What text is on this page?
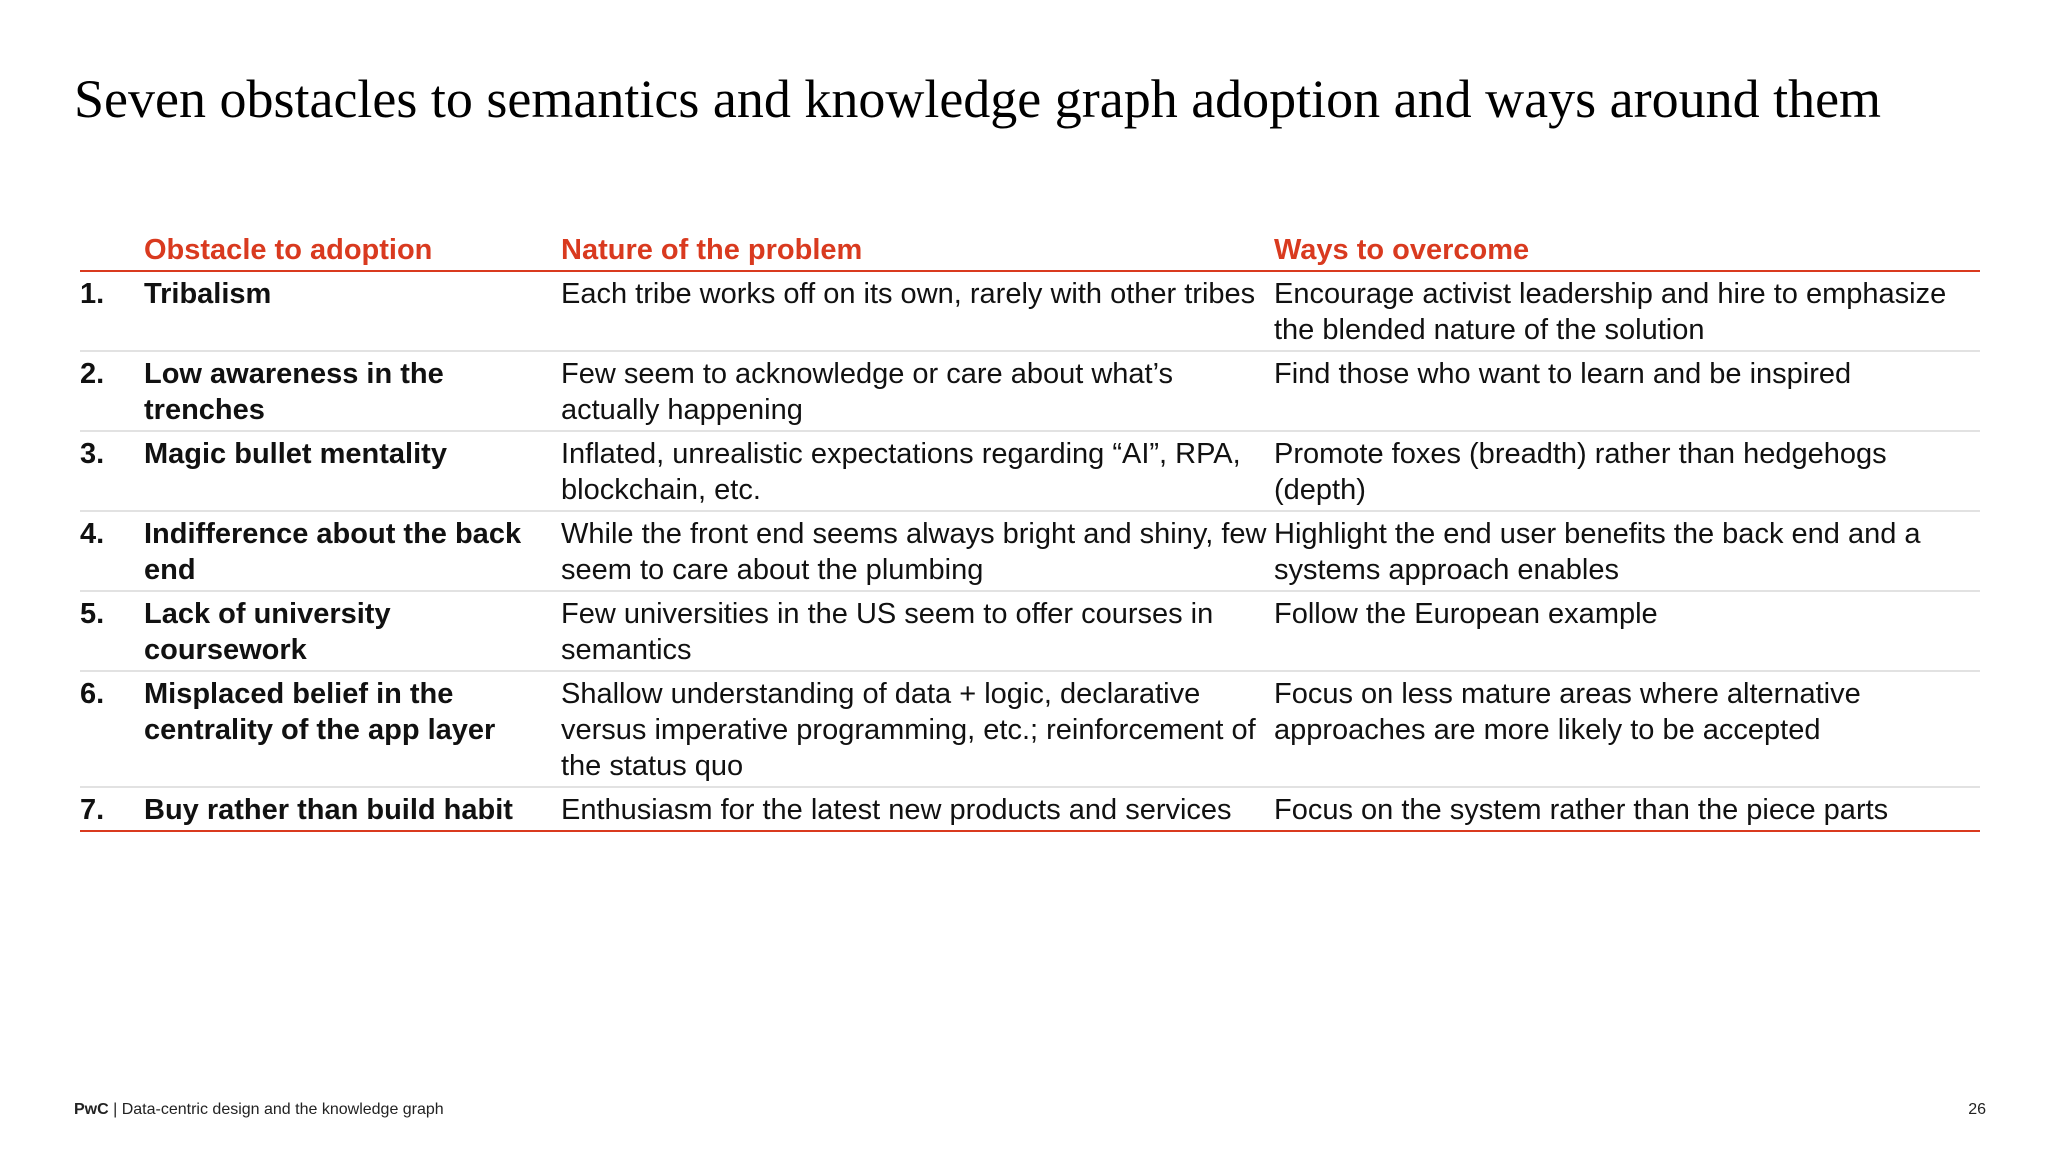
Seven obstacles to semantics and knowledge graph adoption and ways around them
	Obstacle to adoption	Nature of the problem	Ways to overcome
1.	Tribalism	Each tribe works off on its own, rarely with other tribes	Encourage activist leadership and hire to emphasize the blended nature of the solution
2.	Low awareness in the trenches	Few seem to acknowledge or care about what’s actually happening	Find those who want to learn and be inspired
3.	Magic bullet mentality	Inflated, unrealistic expectations regarding “AI”, RPA, blockchain, etc.	Promote foxes (breadth) rather than hedgehogs (depth)
4.	Indifference about the back end	While the front end seems always bright and shiny, few seem to care about the plumbing	Highlight the end user benefits the back end and a systems approach enables
5.	Lack of university coursework	Few universities in the US seem to offer courses in semantics	Follow the European example
6.	Misplaced belief in the centrality of the app layer	Shallow understanding of data + logic, declarative versus imperative programming, etc.; reinforcement of the status quo	Focus on less mature areas where alternative approaches are more likely to be accepted
7.	Buy rather than build habit	Enthusiasm for the latest new products and services	Focus on the system rather than the piece parts
PwC | Data-centric design and the knowledge graph	26
